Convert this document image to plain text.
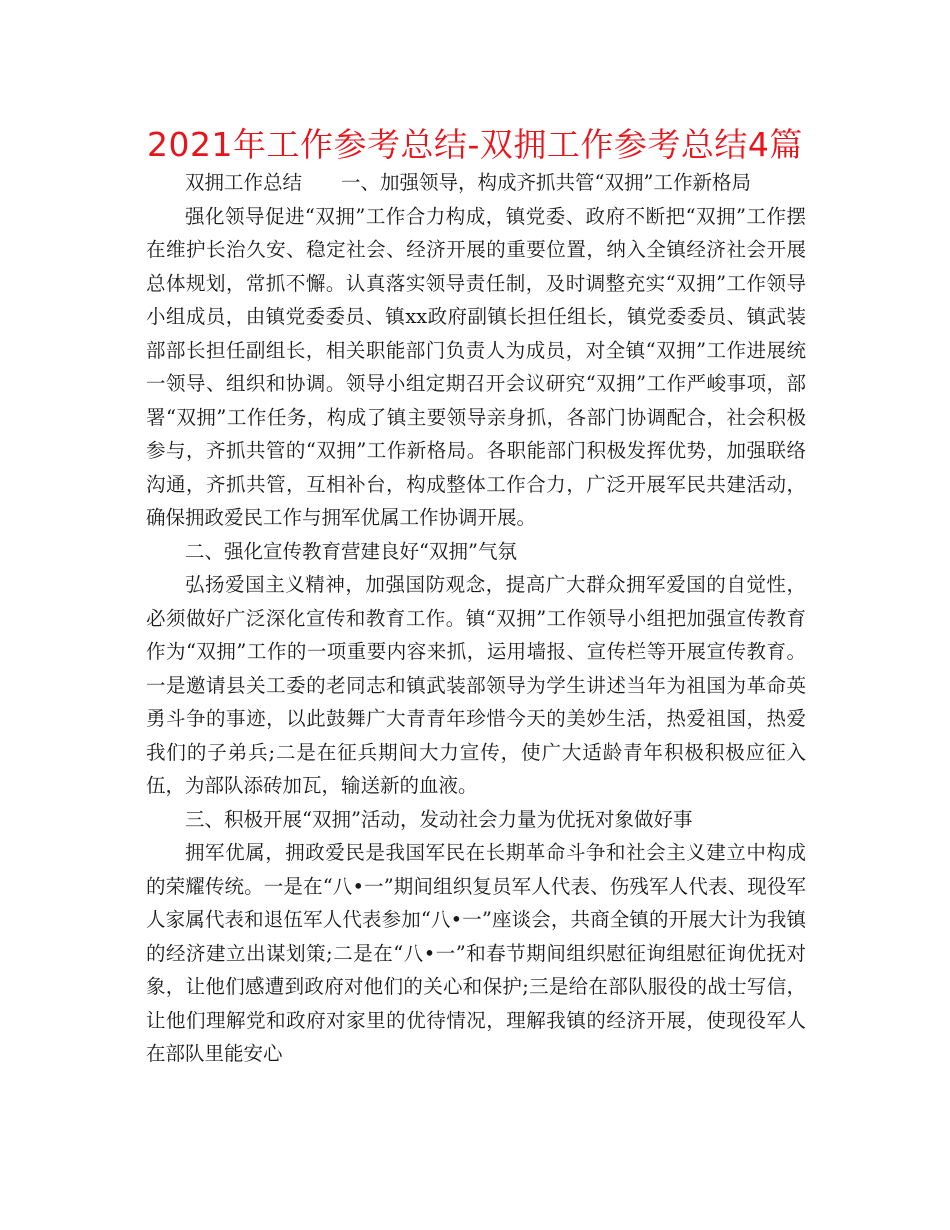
2021年工作参考总结-双拥工作参考总结4篇

双拥工作总结　　一、加强领导，构成齐抓共管“双拥”工作新格局

强化领导促进“双拥”工作合力构成，镇党委、政府不断把“双拥”工作摆在维护长治久安、稳定社会、经济开展的重要位置，纳入全镇经济社会开展总体规划，常抓不懈。认真落实领导责任制，及时调整充实“双拥”工作领导小组成员，由镇党委委员、镇xx政府副镇长担任组长，镇党委委员、镇武装部部长担任副组长，相关职能部门负责人为成员，对全镇“双拥”工作进展统一领导、组织和协调。领导小组定期召开会议研究“双拥”工作严峻事项，部署“双拥”工作任务，构成了镇主要领导亲身抓，各部门协调配合，社会积极参与，齐抓共管的“双拥”工作新格局。各职能部门积极发挥优势，加强联络沟通，齐抓共管，互相补台，构成整体工作合力，广泛开展军民共建活动，确保拥政爱民工作与拥军优属工作协调开展。

二、强化宣传教育营建良好“双拥”气氛

弘扬爱国主义精神，加强国防观念，提高广大群众拥军爱国的自觉性，必须做好广泛深化宣传和教育工作。镇“双拥”工作领导小组把加强宣传教育作为“双拥”工作的一项重要内容来抓，运用墙报、宣传栏等开展宣传教育。一是邀请县关工委的老同志和镇武装部领导为学生讲述当年为祖国为革命英勇斗争的事迹，以此鼓舞广大青青年珍惜今天的美妙生活，热爱祖国，热爱我们的子弟兵;二是在征兵期间大力宣传，使广大适龄青年积极积极应征入伍，为部队添砖加瓦，输送新的血液。

三、积极开展“双拥”活动，发动社会力量为优抚对象做好事

拥军优属，拥政爱民是我国军民在长期革命斗争和社会主义建立中构成的荣耀传统。一是在“八•一”期间组织复员军人代表、伤残军人代表、现役军人家属代表和退伍军人代表参加“八•一”座谈会，共商全镇的开展大计为我镇的经济建立出谋划策;二是在“八•一”和春节期间组织慰征询组慰征询优抚对象，让他们感遭到政府对他们的关心和保护;三是给在部队服役的战士写信，让他们理解党和政府对家里的优待情况，理解我镇的经济开展，使现役军人在部队里能安心
